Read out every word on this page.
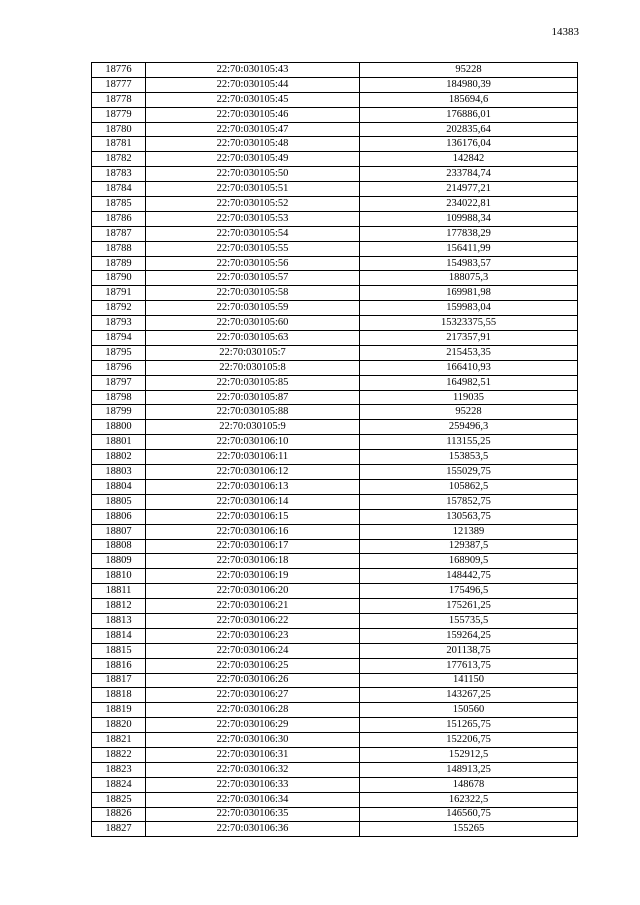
14383
18776	22:70:030105:43	95228
18777	22:70:030105:44	184980,39
18778	22:70:030105:45	185694,6
18779	22:70:030105:46	176886,01
18780	22:70:030105:47	202835,64
18781	22:70:030105:48	136176,04
18782	22:70:030105:49	142842
18783	22:70:030105:50	233784,74
18784	22:70:030105:51	214977,21
18785	22:70:030105:52	234022,81
18786	22:70:030105:53	109988,34
18787	22:70:030105:54	177838,29
18788	22:70:030105:55	156411,99
18789	22:70:030105:56	154983,57
18790	22:70:030105:57	188075,3
18791	22:70:030105:58	169981,98
18792	22:70:030105:59	159983,04
18793	22:70:030105:60	15323375,55
18794	22:70:030105:63	217357,91
18795	22:70:030105:7	215453,35
18796	22:70:030105:8	166410,93
18797	22:70:030105:85	164982,51
18798	22:70:030105:87	119035
18799	22:70:030105:88	95228
18800	22:70:030105:9	259496,3
18801	22:70:030106:10	113155,25
18802	22:70:030106:11	153853,5
18803	22:70:030106:12	155029,75
18804	22:70:030106:13	105862,5
18805	22:70:030106:14	157852,75
18806	22:70:030106:15	130563,75
18807	22:70:030106:16	121389
18808	22:70:030106:17	129387,5
18809	22:70:030106:18	168909,5
18810	22:70:030106:19	148442,75
18811	22:70:030106:20	175496,5
18812	22:70:030106:21	175261,25
18813	22:70:030106:22	155735,5
18814	22:70:030106:23	159264,25
18815	22:70:030106:24	201138,75
18816	22:70:030106:25	177613,75
18817	22:70:030106:26	141150
18818	22:70:030106:27	143267,25
18819	22:70:030106:28	150560
18820	22:70:030106:29	151265,75
18821	22:70:030106:30	152206,75
18822	22:70:030106:31	152912,5
18823	22:70:030106:32	148913,25
18824	22:70:030106:33	148678
18825	22:70:030106:34	162322,5
18826	22:70:030106:35	146560,75
18827	22:70:030106:36	155265
